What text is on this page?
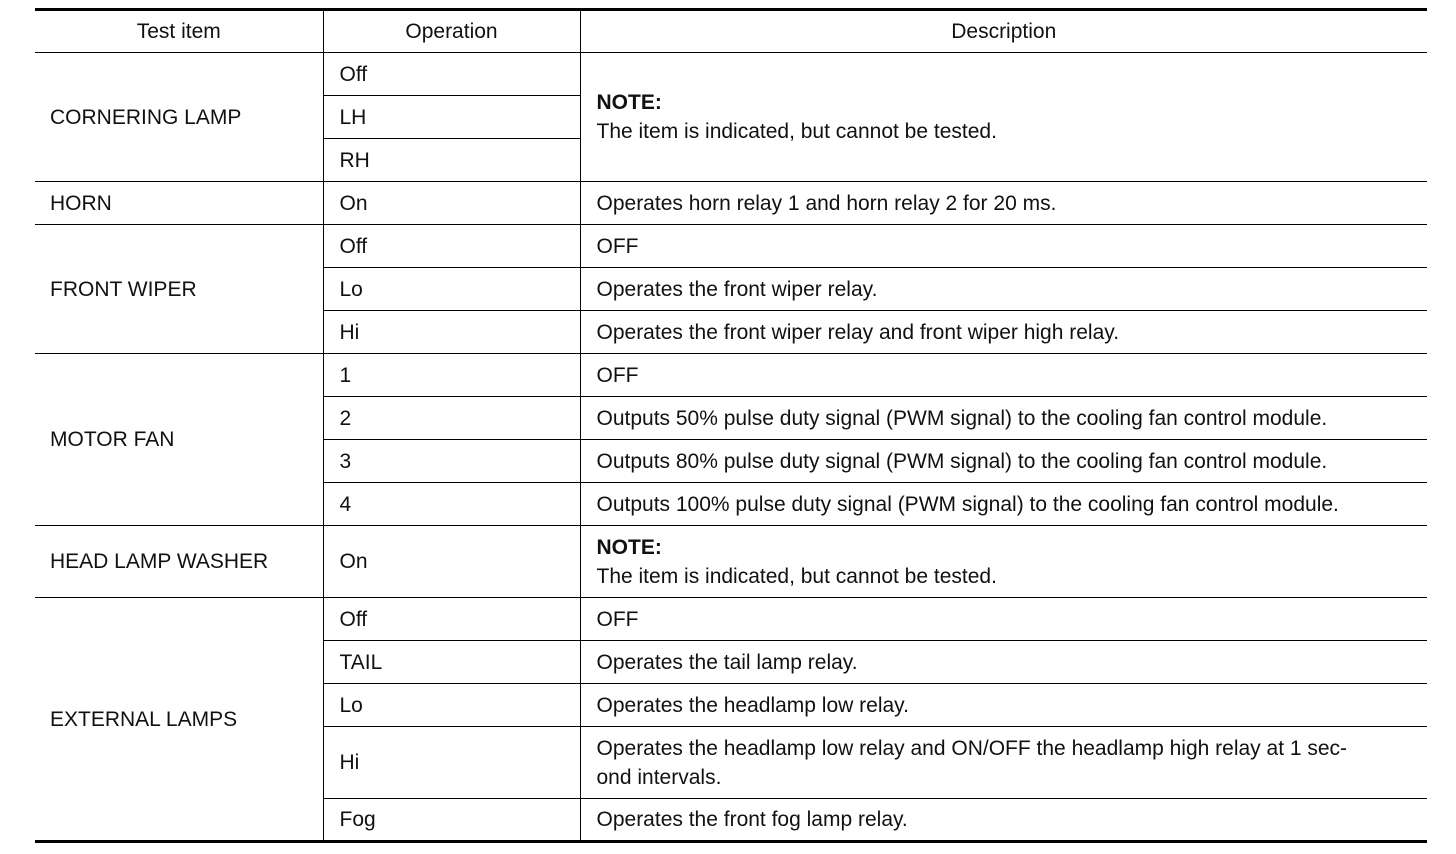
Test item	Operation	Description
CORNERING LAMP	Off	NOTE:
The item is indicated, but cannot be tested.

	LH	
	RH	
HORN	On	Operates horn relay 1 and horn relay 2 for 20 ms.
FRONT WIPER	Off	OFF
	Lo	Operates the front wiper relay.
	Hi	Operates the front wiper relay and front wiper high relay.
MOTOR FAN	1	OFF
	2	Outputs 50% pulse duty signal (PWM signal) to the cooling fan control module.
	3	Outputs 80% pulse duty signal (PWM signal) to the cooling fan control module.
	4	Outputs 100% pulse duty signal (PWM signal) to the cooling fan control module.
HEAD LAMP WASHER	On	NOTE:
The item is indicated, but cannot be tested.

EXTERNAL LAMPS	Off	OFF
	TAIL	Operates the tail lamp relay.
	Lo	Operates the headlamp low relay.
	Hi	Operates the headlamp low relay and ON/OFF the headlamp high relay at 1 sec-
ond intervals.
	Fog	Operates the front fog lamp relay.
